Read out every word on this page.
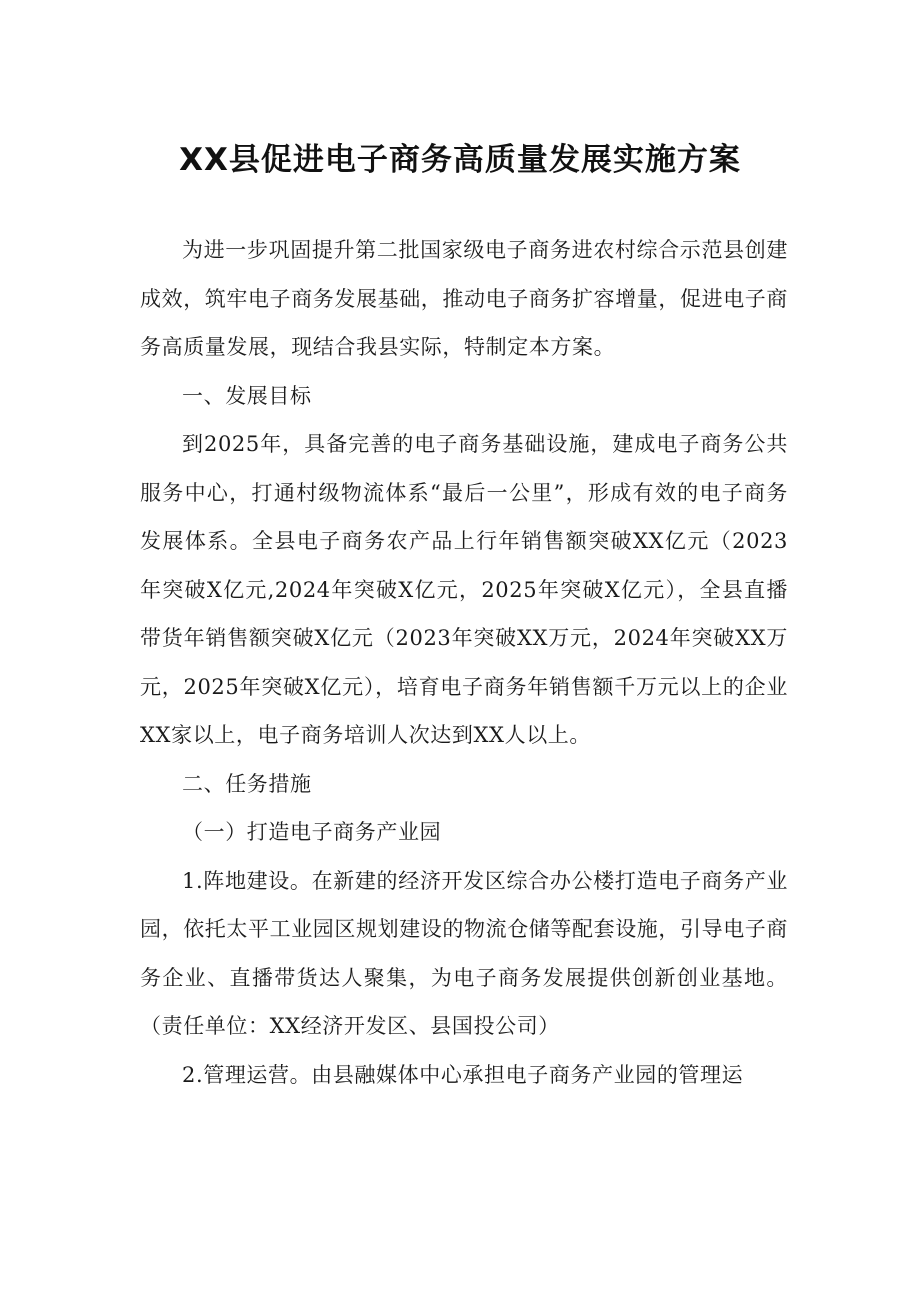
XX县促进电子商务高质量发展实施方案

为进一步巩固提升第二批国家级电子商务进农村综合示范县创建成效，筑牢电子商务发展基础，推动电子商务扩容增量，促进电子商务高质量发展，现结合我县实际，特制定本方案。

一、发展目标

到2025年，具备完善的电子商务基础设施，建成电子商务公共服务中心，打通村级物流体系“最后一公里”，形成有效的电子商务发展体系。全县电子商务农产品上行年销售额突破XX亿元（2023年突破X亿元,2024年突破X亿元，2025年突破X亿元），全县直播带货年销售额突破X亿元（2023年突破XX万元，2024年突破XX万元，2025年突破X亿元），培育电子商务年销售额千万元以上的企业XX家以上，电子商务培训人次达到XX人以上。

二、任务措施

（一）打造电子商务产业园

1.阵地建设。在新建的经济开发区综合办公楼打造电子商务产业园，依托太平工业园区规划建设的物流仓储等配套设施，引导电子商务企业、直播带货达人聚集，为电子商务发展提供创新创业基地。（责任单位：XX经济开发区、县国投公司）

2.管理运营。由县融媒体中心承担电子商务产业园的管理运
